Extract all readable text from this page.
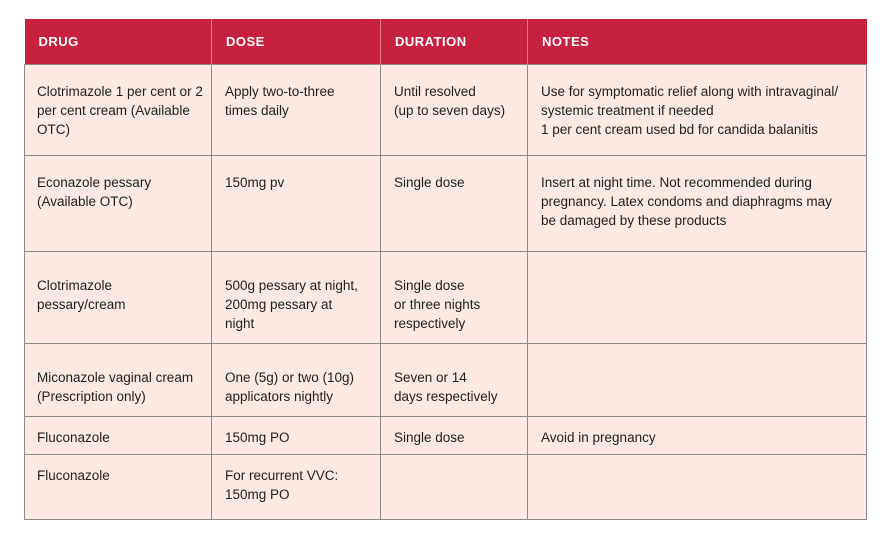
DRUG	DOSE	DURATION	NOTES

Clotrimazole 1 per cent or 2
per cent cream (Available
OTC)	Apply two-to-three
times daily	Until resolved
(up to seven days)	Use for symptomatic relief along with intravaginal/
systemic treatment if needed
1 per cent cream used bd for candida balanitis

Econazole pessary
(Available OTC)	150mg pv	Single dose	Insert at night time. Not recommended during
pregnancy. Latex condoms and diaphragms may
be damaged by these products

Clotrimazole
pessary/cream	500g pessary at night,
200mg pessary at
night	Single dose
or three nights
respectively	

Miconazole vaginal cream
(Prescription only)	One (5g) or two (10g)
applicators nightly	Seven or 14
days respectively	

Fluconazole	150mg PO	Single dose	Avoid in pregnancy

Fluconazole	For recurrent VVC:
150mg PO		
